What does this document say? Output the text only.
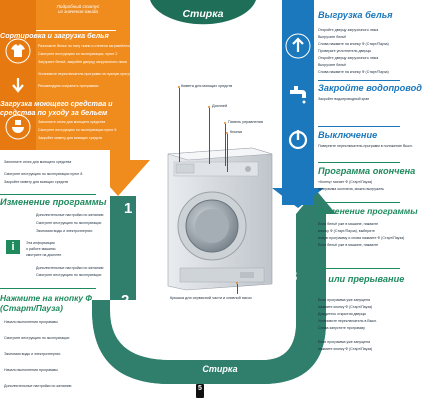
Подробный статус
из значения ожида
Сортировка и загрузка белья
Разложите белье по типу ткани и степени загрязнённости
Смотрите инструкцию по эксплуатации, пункт 2
Загрузите бельё, закройте дверцу загрузочного люка
Установите переключатель программ на нужную программу
Рекомендуем сохранять программы
Загрузка моющего средства и средства по уходу за бельем
Заполните отсек для моющего средства
Смотрите инструкцию по эксплуатации пункт 8
Закройте кювету для моющих средств
Заполните отсек для моющего средства
Смотрите инструкцию по эксплуатации пункт 8
Закройте кювету для моющих средств
Изменение программы
Дополнительные настройки по желанию
Смотрите инструкцию по эксплуатации
Экономия воды и электроэнергии
i	Эта информация
о работе машины
смотрите на дисплее
Дополнительные настройки по желанию
Смотрите инструкцию по эксплуатации
Нажмите на кнопку Ф (Старт/Пауза)
Начало выполнения программы
Смотрите инструкцию по эксплуатации
Экономия воды и электроэнергии
Начало выполнения программы
Дополнительные настройки по желанию
1
2
3
Стирка
Стирка
Кювета для моющих средств
Дисплей
Панель управления
Кнопки
Крышка для сервисной части и сливной насос
Выгрузка белья
Откройте дверцу загрузочного люка
Выгрузите бельё
Снова нажмите на кнопку Ф (Старт/Пауза)
Проверьте уплотнитель дверцы
Откройте дверцу загрузочного люка
Выгрузите бельё
Снова нажмите на кнопку Ф (Старт/Пауза)
Закройте водопровод
Закройте водопроводный кран
Выключение
Поверните переключатель программ в положение Выкл.
Программа окончена
«Конец» мигает Ф (Старт/Пауза)
программа окончена, можно выгружать
Изменение программы
Если бельё уже в машине, нажмите
кнопку Ф (Старт/Пауза), выберите
новую программу и снова нажмите Ф (Старт/Пауза)
Если бельё уже в машине, нажмите
... или прерывание
Если программа уже запущена
нажмите кнопку Ф (Старт/Пауза)
Дождитесь открытия дверцы
Установите переключатель в Выкл.
Снова запустите программу
Если программа уже запущена
нажмите кнопку Ф (Старт/Пауза)
5
